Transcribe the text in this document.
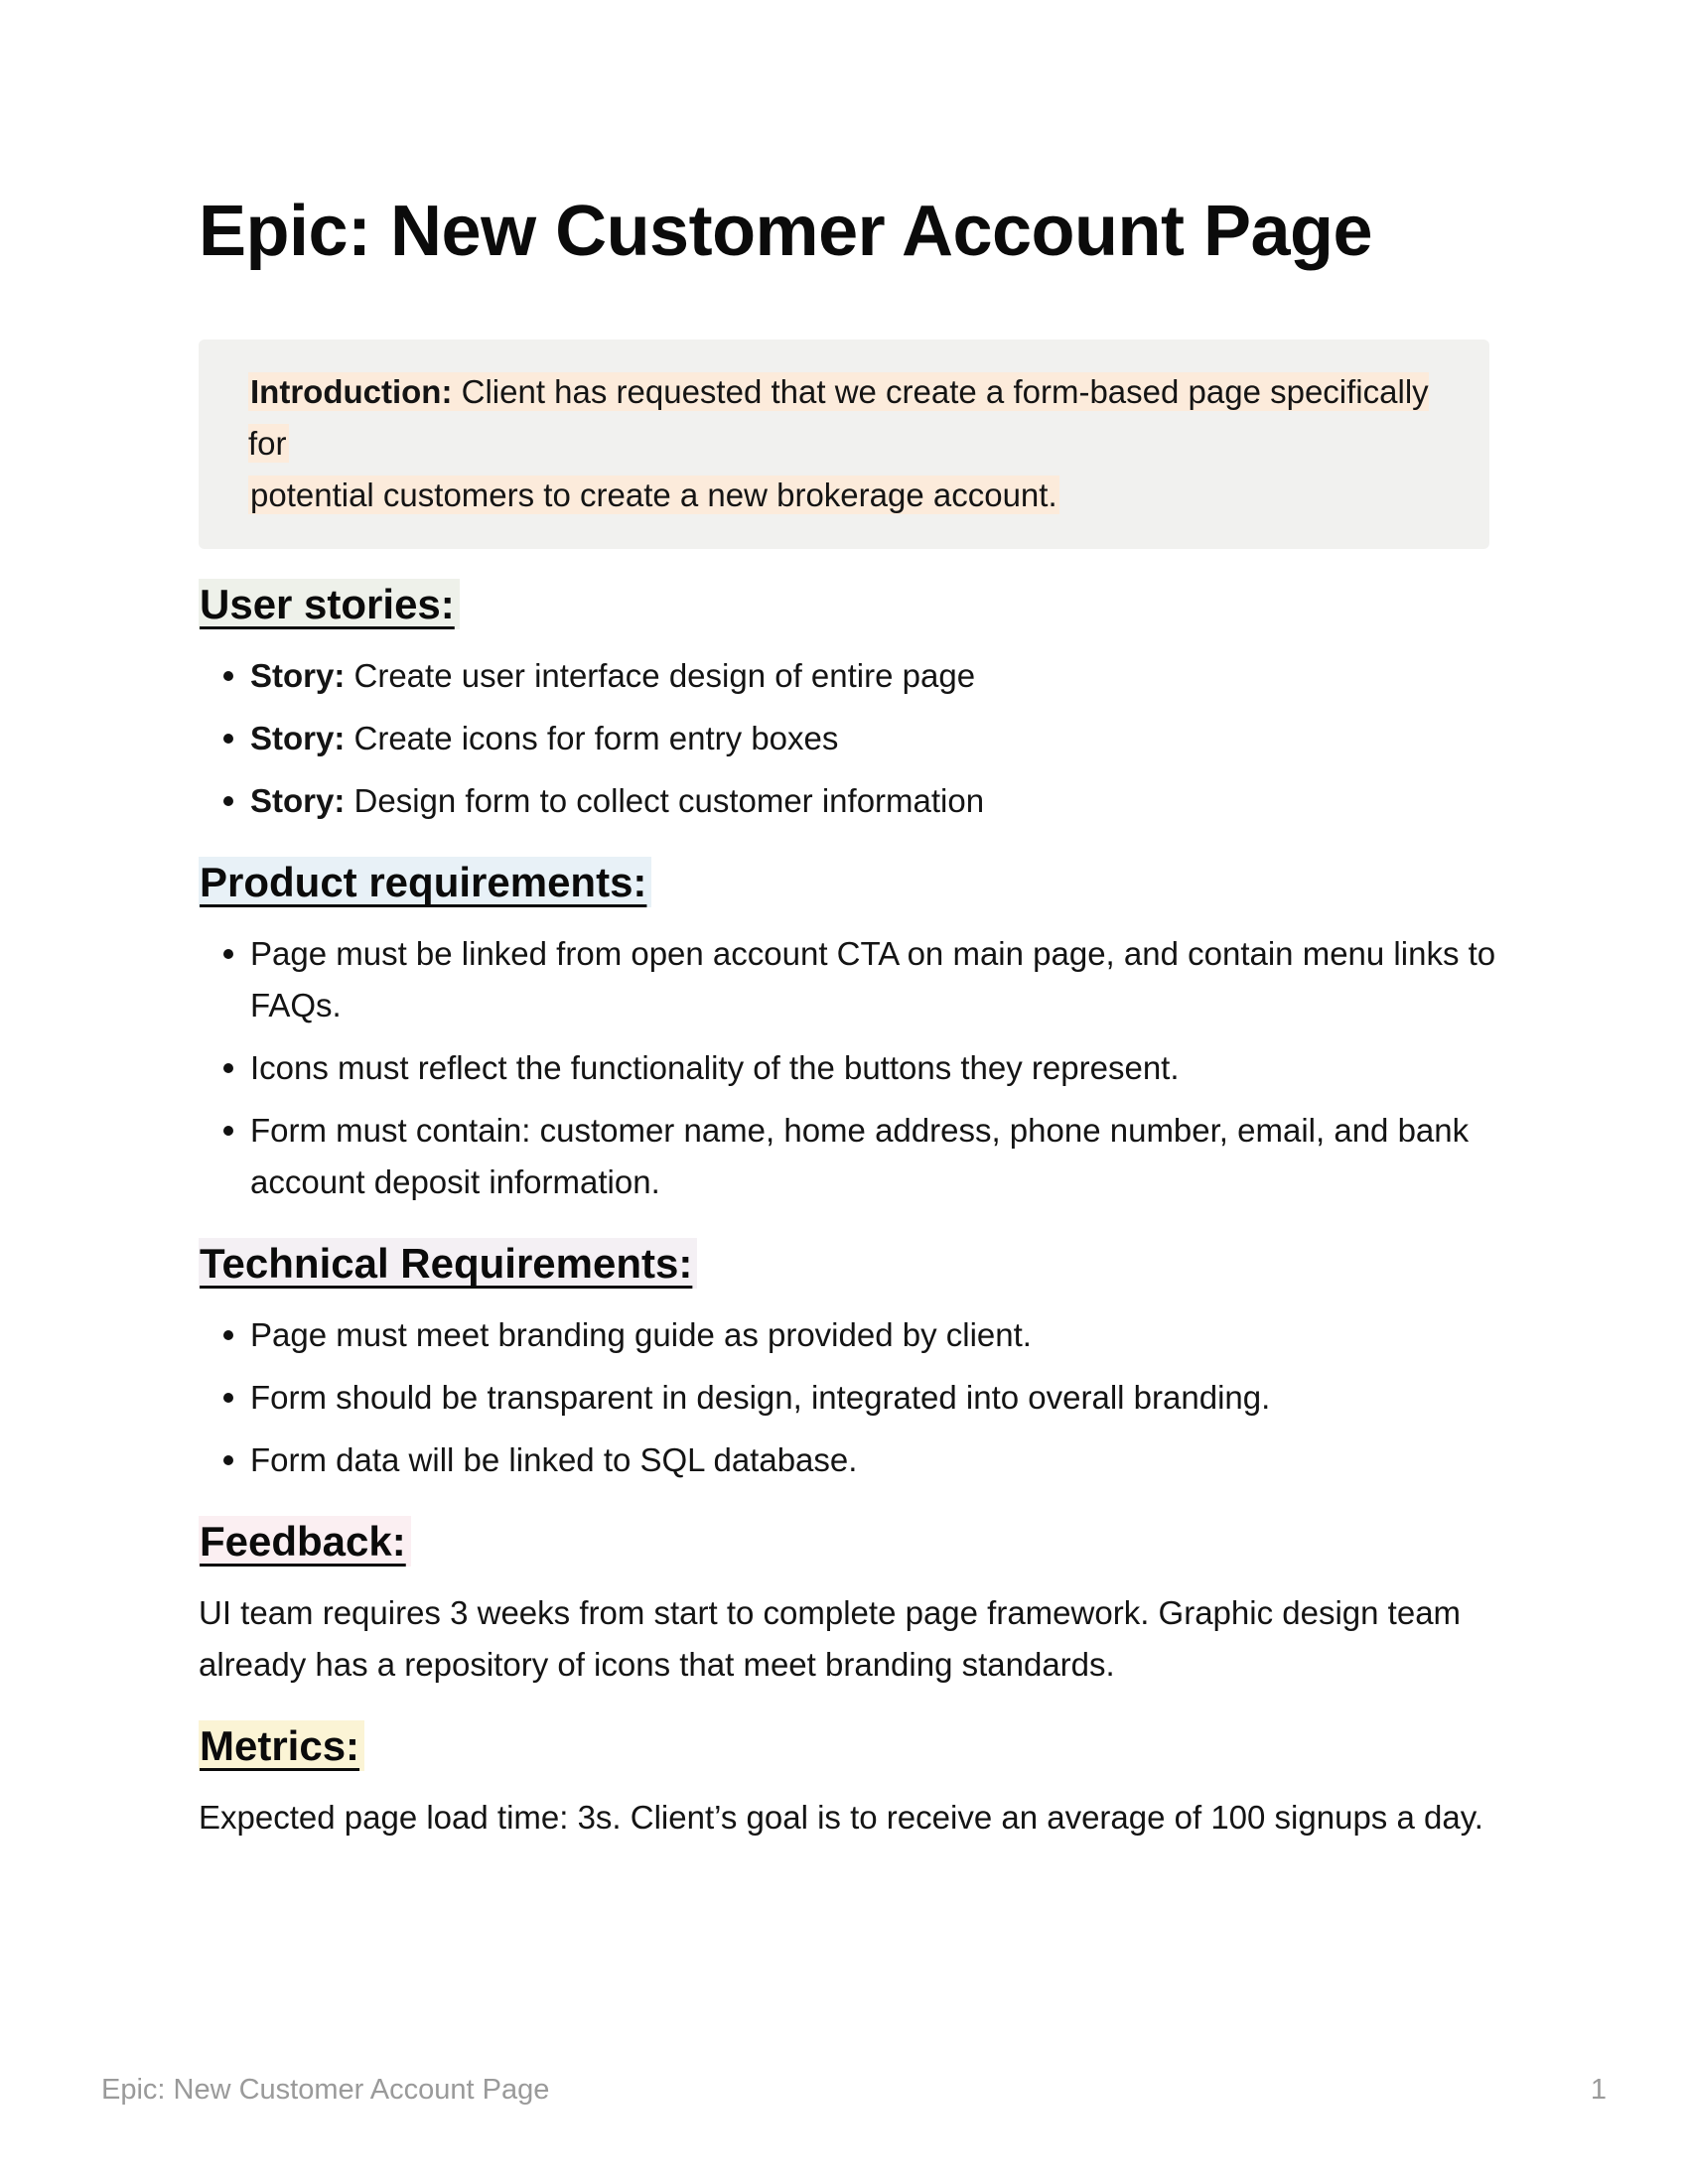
Epic: New Customer Account Page
Introduction: Client has requested that we create a form-based page specifically for
potential customers to create a new brokerage account.
User stories:
Story: Create user interface design of entire page
Story: Create icons for form entry boxes
Story: Design form to collect customer information
Product requirements:
Page must be linked from open account CTA on main page, and contain menu links to FAQs.
Icons must reflect the functionality of the buttons they represent.
Form must contain: customer name, home address, phone number, email, and bank account deposit information.
Technical Requirements:
Page must meet branding guide as provided by client.
Form should be transparent in design, integrated into overall branding.
Form data will be linked to SQL database.
Feedback:

UI team requires 3 weeks from start to complete page framework. Graphic design team already has a repository of icons that meet branding standards.

Metrics:

Expected page load time: 3s. Client’s goal is to receive an average of 100 signups a day.

Epic: New Customer Account Page	1
